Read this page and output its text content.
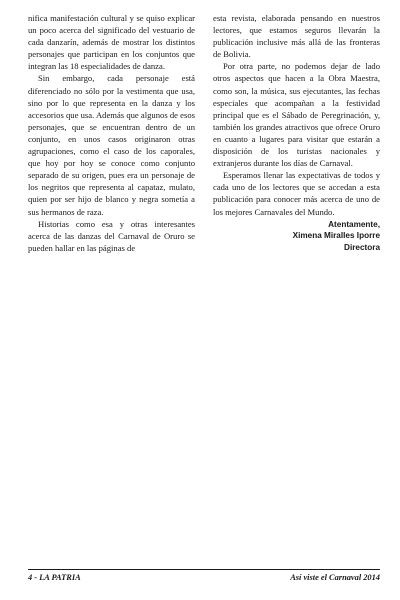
nifica manifestación cultural y se quiso explicar un poco acerca del significado del vestuario de cada danzarín, además de mostrar los distintos personajes que participan en los conjuntos que integran las 18 especialidades de danza.

Sin embargo, cada personaje está diferenciado no sólo por la vestimenta que usa, sino por lo que representa en la danza y los accesorios que usa. Además que algunos de esos personajes, que se encuentran dentro de un conjunto, en unos casos originaron otras agrupaciones, como el caso de los caporales, que hoy por hoy se conoce como conjunto separado de su origen, pues era un personaje de los negritos que representa al capataz, mulato, quien por ser hijo de blanco y negra sometía a sus hermanos de raza.

Historias como esa y otras interesantes acerca de las danzas del Carnaval de Oruro se pueden hallar en las páginas de

esta revista, elaborada pensando en nuestros lectores, que estamos seguros llevarán la publicación inclusive más allá de las fronteras de Bolivia.

Por otra parte, no podemos dejar de lado otros aspectos que hacen a la Obra Maestra, como son, la música, sus ejecutantes, las fechas especiales que acompañan a la festividad principal que es el Sábado de Peregrinación, y, también los grandes atractivos que ofrece Oruro en cuanto a lugares para visitar que estarán a disposición de los turistas nacionales y extranjeros durante los días de Carnaval.

Esperamos llenar las expectativas de todos y cada uno de los lectores que se accedan a esta publicación para conocer más acerca de uno de los mejores Carnavales del Mundo.

Atentamente,
Ximena Miralles Iporre
Directora
4 - LA PATRIA	Así viste el Carnaval 2014
